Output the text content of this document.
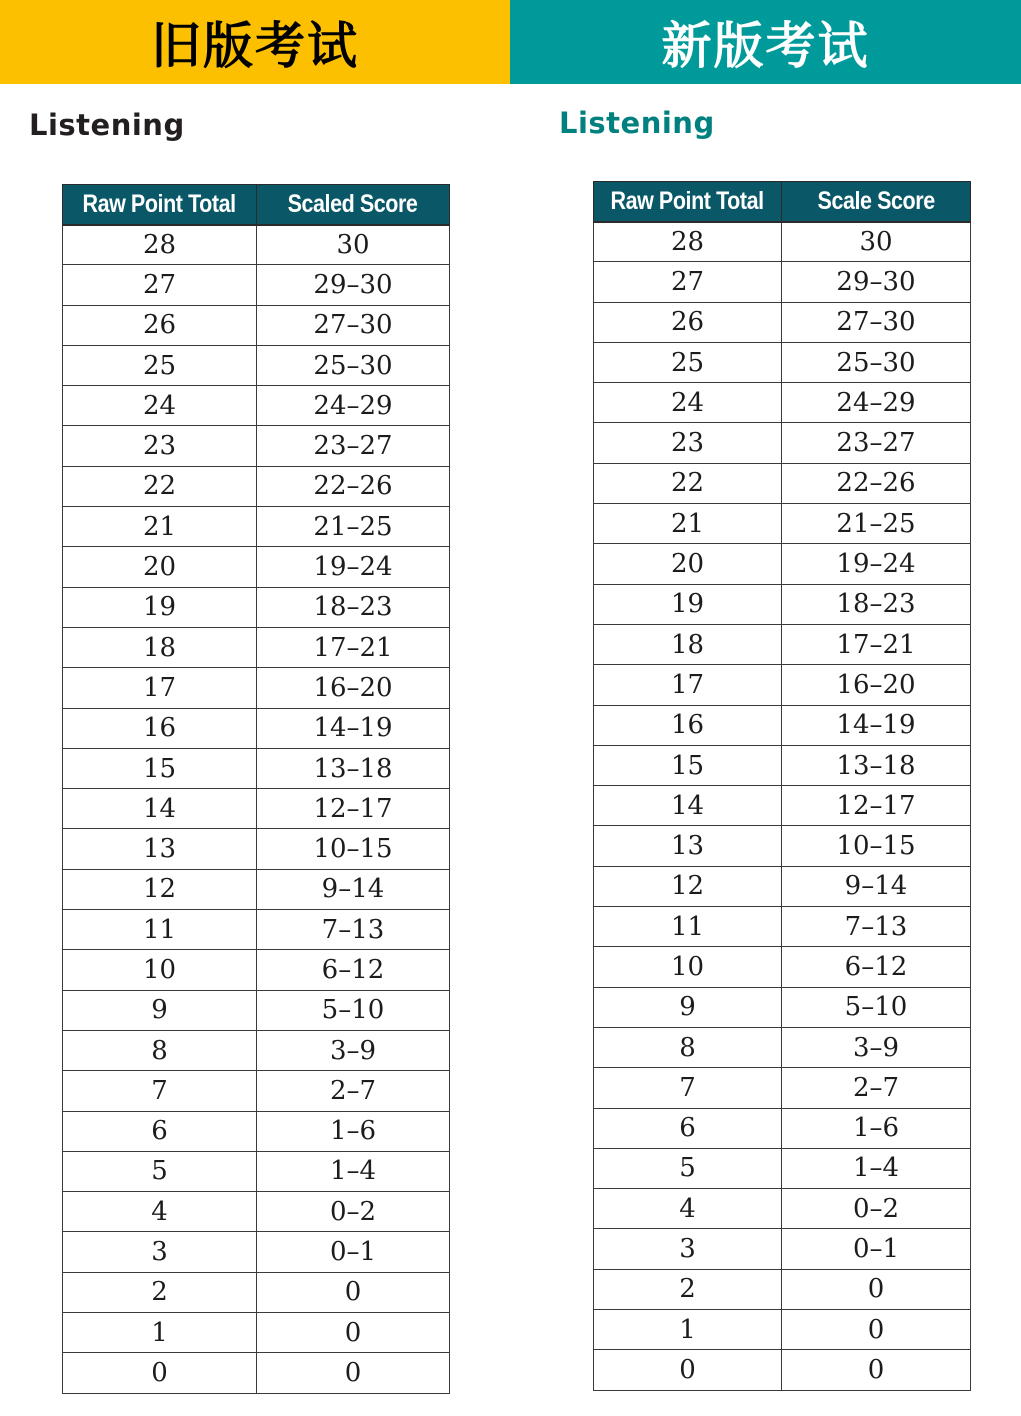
旧版考试	新版考试
Listening	Listening
Raw Point Total	Scaled Score
28	30
27	29–30
26	27–30
25	25–30
24	24–29
23	23–27
22	22–26
21	21–25
20	19–24
19	18–23
18	17–21
17	16–20
16	14–19
15	13–18
14	12–17
13	10–15
12	9–14
11	7–13
10	6–12
9	5–10
8	3–9
7	2–7
6	1–6
5	1–4
4	0–2
3	0–1
2	0
1	0
0	0
Raw Point Total	Scale Score
28	30
27	29–30
26	27–30
25	25–30
24	24–29
23	23–27
22	22–26
21	21–25
20	19–24
19	18–23
18	17–21
17	16–20
16	14–19
15	13–18
14	12–17
13	10–15
12	9–14
11	7–13
10	6–12
9	5–10
8	3–9
7	2–7
6	1–6
5	1–4
4	0–2
3	0–1
2	0
1	0
0	0
